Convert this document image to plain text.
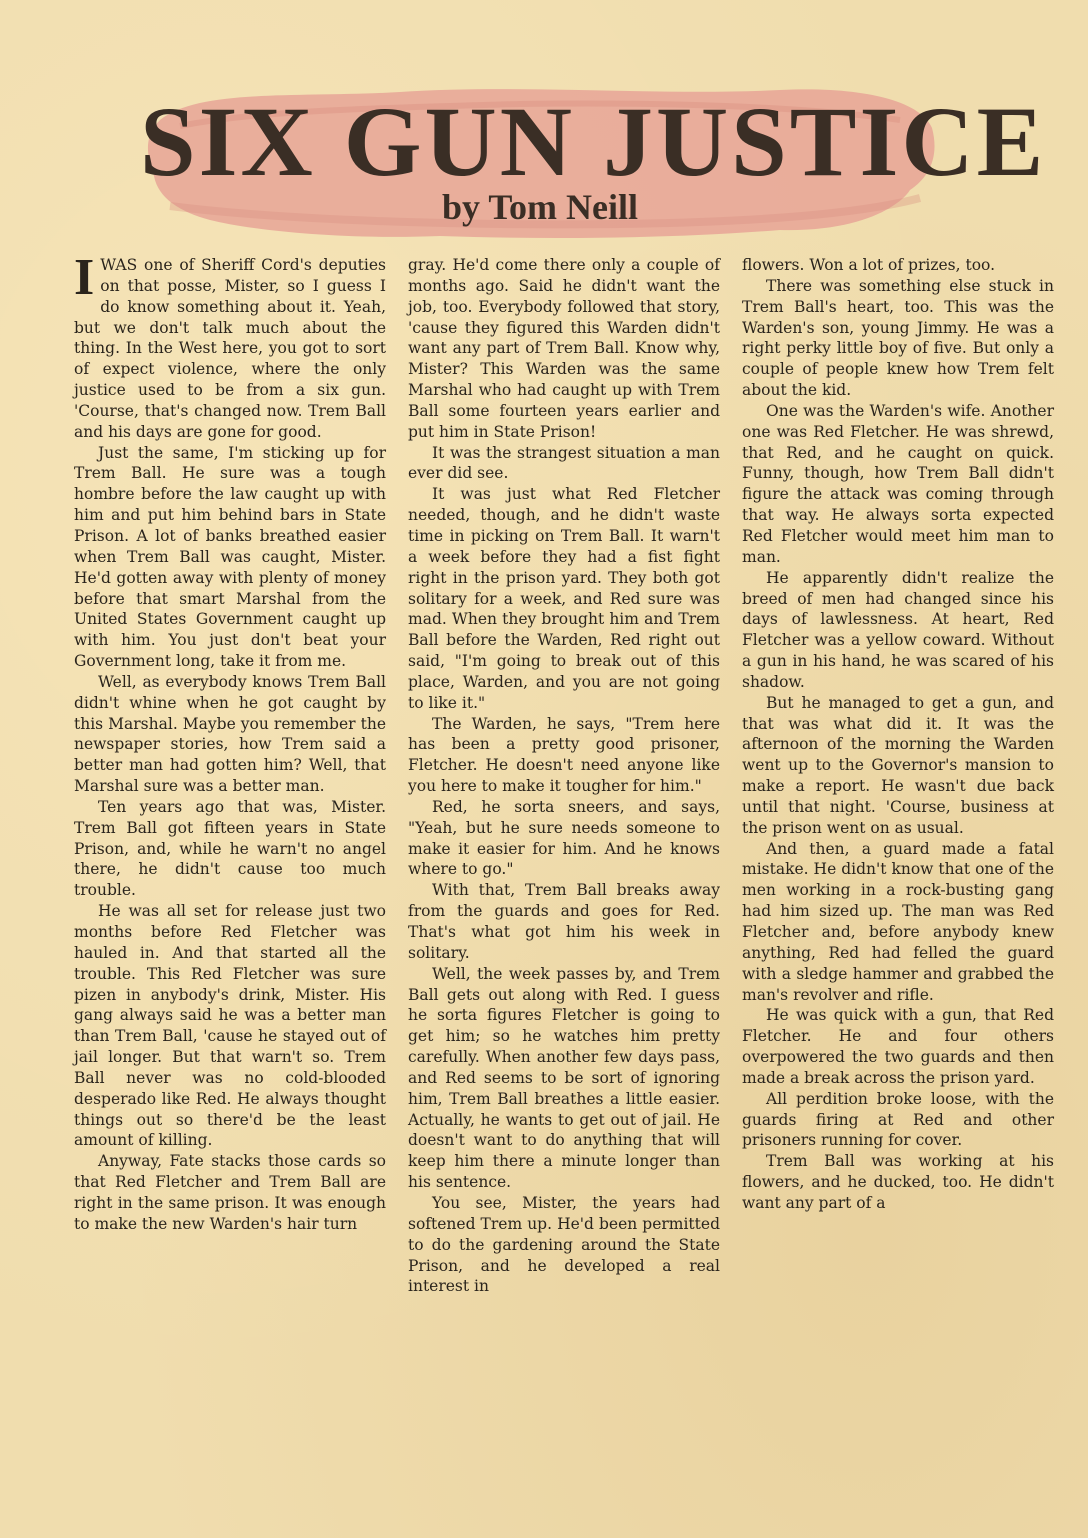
SIX GUN JUSTICE
by Tom Neill

IWAS one of Sheriff Cord's deputies on that posse, Mister, so I guess I do know something about it. Yeah, but we don't talk much about the thing. In the West here, you got to sort of expect violence, where the only justice used to be from a six gun. 'Course, that's changed now. Trem Ball and his days are gone for good.

Just the same, I'm sticking up for Trem Ball. He sure was a tough hombre before the law caught up with him and put him behind bars in State Prison. A lot of banks breathed easier when Trem Ball was caught, Mister. He'd gotten away with plenty of money before that smart Marshal from the United States Government caught up with him. You just don't beat your Government long, take it from me.

Well, as everybody knows Trem Ball didn't whine when he got caught by this Marshal. Maybe you remember the newspaper stories, how Trem said a better man had gotten him? Well, that Marshal sure was a better man.

Ten years ago that was, Mister. Trem Ball got fifteen years in State Prison, and, while he warn't no angel there, he didn't cause too much trouble.

He was all set for release just two months before Red Fletcher was hauled in. And that started all the trouble. This Red Fletcher was sure pizen in anybody's drink, Mister. His gang always said he was a better man than Trem Ball, 'cause he stayed out of jail longer. But that warn't so. Trem Ball never was no cold-blooded desperado like Red. He always thought things out so there'd be the least amount of killing.

Anyway, Fate stacks those cards so that Red Fletcher and Trem Ball are right in the same prison. It was enough to make the new Warden's hair turn

gray. He'd come there only a couple of months ago. Said he didn't want the job, too. Everybody followed that story, 'cause they figured this Warden didn't want any part of Trem Ball. Know why, Mister? This Warden was the same Marshal who had caught up with Trem Ball some fourteen years earlier and put him in State Prison!

It was the strangest situation a man ever did see.

It was just what Red Fletcher needed, though, and he didn't waste time in picking on Trem Ball. It warn't a week before they had a fist fight right in the prison yard. They both got solitary for a week, and Red sure was mad. When they brought him and Trem Ball before the Warden, Red right out said, "I'm going to break out of this place, Warden, and you are not going to like it."

The Warden, he says, "Trem here has been a pretty good prisoner, Fletcher. He doesn't need anyone like you here to make it tougher for him."

Red, he sorta sneers, and says, "Yeah, but he sure needs someone to make it easier for him. And he knows where to go."

With that, Trem Ball breaks away from the guards and goes for Red. That's what got him his week in solitary.

Well, the week passes by, and Trem Ball gets out along with Red. I guess he sorta figures Fletcher is going to get him; so he watches him pretty carefully. When another few days pass, and Red seems to be sort of ignoring him, Trem Ball breathes a little easier. Actually, he wants to get out of jail. He doesn't want to do anything that will keep him there a minute longer than his sentence.

You see, Mister, the years had softened Trem up. He'd been permitted to do the gardening around the State Prison, and he developed a real interest in

flowers. Won a lot of prizes, too.

There was something else stuck in Trem Ball's heart, too. This was the Warden's son, young Jimmy. He was a right perky little boy of five. But only a couple of people knew how Trem felt about the kid.

One was the Warden's wife. Another one was Red Fletcher. He was shrewd, that Red, and he caught on quick. Funny, though, how Trem Ball didn't figure the attack was coming through that way. He always sorta expected Red Fletcher would meet him man to man.

He apparently didn't realize the breed of men had changed since his days of lawlessness. At heart, Red Fletcher was a yellow coward. Without a gun in his hand, he was scared of his shadow.

But he managed to get a gun, and that was what did it. It was the afternoon of the morning the Warden went up to the Governor's mansion to make a report. He wasn't due back until that night. 'Course, business at the prison went on as usual.

And then, a guard made a fatal mistake. He didn't know that one of the men working in a rock-busting gang had him sized up. The man was Red Fletcher and, before anybody knew anything, Red had felled the guard with a sledge hammer and grabbed the man's revolver and rifle.

He was quick with a gun, that Red Fletcher. He and four others overpowered the two guards and then made a break across the prison yard.

All perdition broke loose, with the guards firing at Red and other prisoners running for cover.

Trem Ball was working at his flowers, and he ducked, too. He didn't want any part of a
